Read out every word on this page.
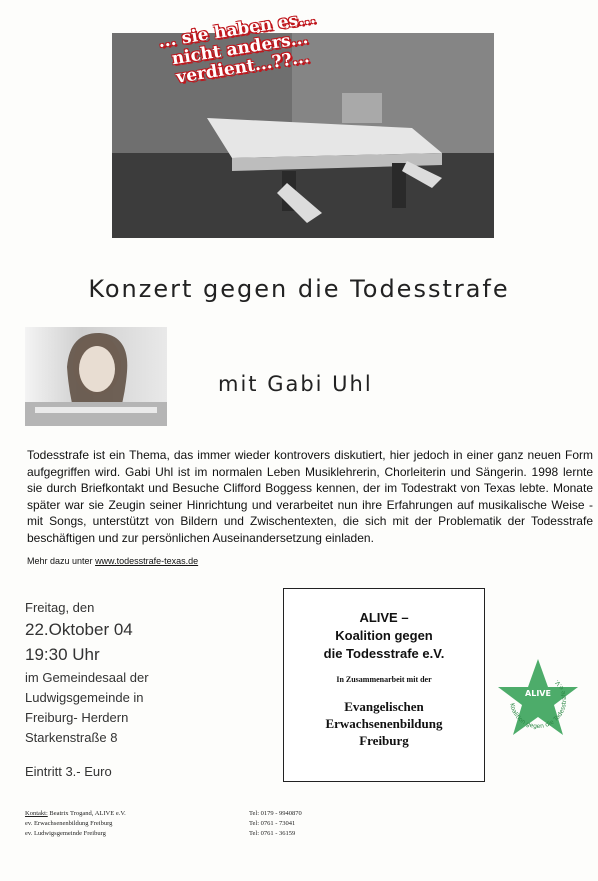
... sie haben es...
nicht anders...
verdient...??...
Konzert gegen die Todesstrafe
mit Gabi Uhl
Todesstrafe ist ein Thema, das immer wieder kontrovers diskutiert, hier jedoch in einer ganz neuen Form aufgegriffen wird. Gabi Uhl ist im normalen Leben Musiklehrerin, Chorleiterin und Sängerin. 1998 lernte sie durch Briefkontakt und Besuche Clifford Boggess kennen, der im Todestrakt von Texas lebte. Monate später war sie Zeugin seiner Hinrichtung und verarbeitet nun ihre Erfahrungen auf musikalische Weise - mit Songs, unterstützt von Bildern und Zwischentexten, die sich mit der Problematik der Todesstrafe beschäftigen und zur persönlichen Auseinandersetzung einladen.
Mehr dazu unter www.todesstrafe-texas.de
Freitag, den
22.Oktober 04
19:30 Uhr
im Gemeindesaal der
Ludwigsgemeinde in
Freiburg- Herdern
Starkenstraße 8
Eintritt 3.- Euro
ALIVE –
Koalition gegen
die Todesstrafe e.V.
In Zusammenarbeit mit der
Evangelischen
Erwachsenenbildung
Freiburg
ALIVE
Koalition gegen die Todesstrafe e.V.
Kontakt: Beatrix Trogand, ALIVE e.V.
ev. Erwachsenenbildung Freiburg
ev. Ludwigsgemeinde Freiburg
Tel: 0179 - 9940870
Tel: 0761 - 73041
Tel: 0761 - 36159
